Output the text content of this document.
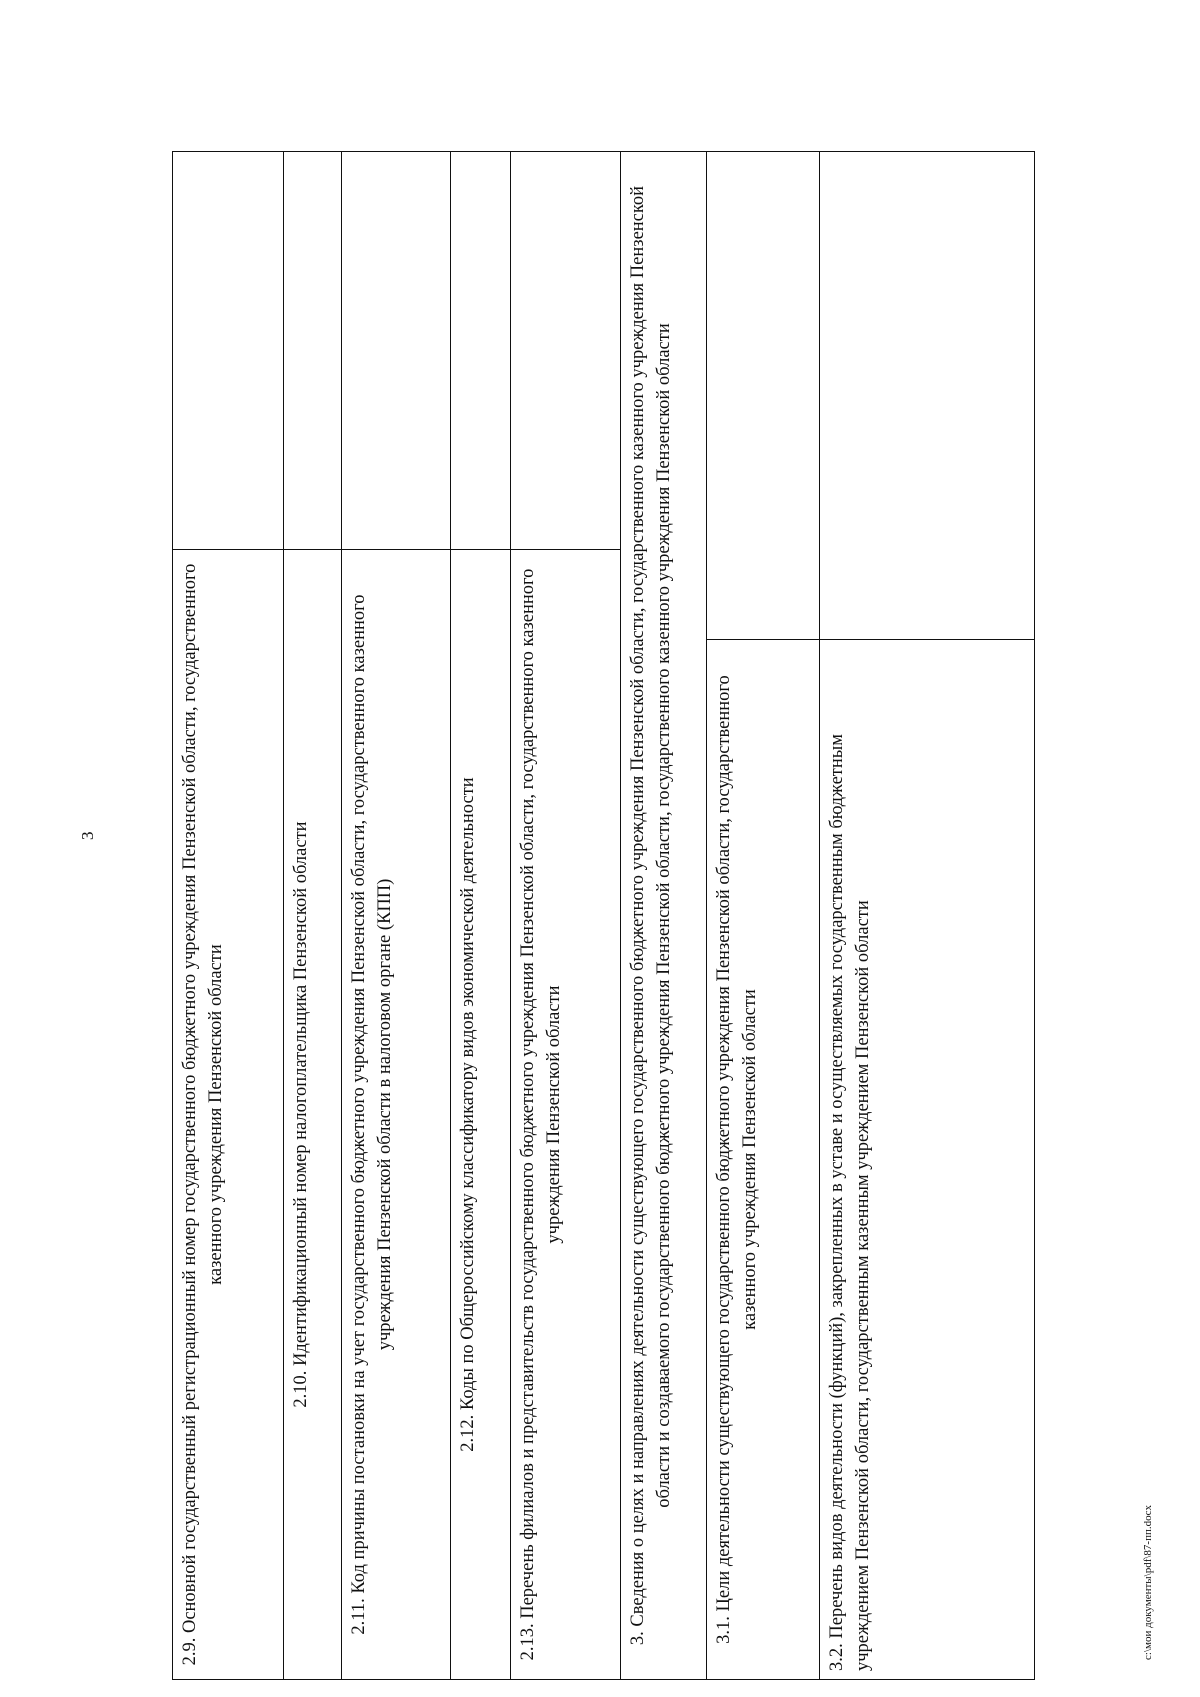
3	2.9. Основной государственный регистрационный номер государственного бюджетного учреждения Пензенской области, государственного казенного учреждения Пензенской области		
2.10. Идентификационный номер налогоплательщика Пензенской области		
2.11. Код причины постановки на учет государственного бюджетного учреждения Пензенской области, государственного казенного учреждения Пензенской области в налоговом органе (КПП)		
2.12. Коды по Общероссийскому классификатору видов экономической деятельности		
2.13. Перечень филиалов и представительств государственного бюджетного учреждения Пензенской области, государственного казенного учреждения Пензенской области		
3. Сведения о целях и направлениях деятельности существующего государственного бюджетного учреждения Пензенской области, государственного казенного учреждения Пензенской области и создаваемого государственного бюджетного учреждения Пензенской области, государственного казенного учреждения Пензенской области		
3.1. Цели деятельности существующего государственного бюджетного учреждения Пензенской области, государственного казенного учреждения Пензенской области		
3.2. Перечень видов деятельности (функций), закрепленных в уставе и осуществляемых государственным бюджетным учреждением Пензенской области, государственным казенным учреждением Пензенской области			c:\мои документы\pdf\87-пп.docx
